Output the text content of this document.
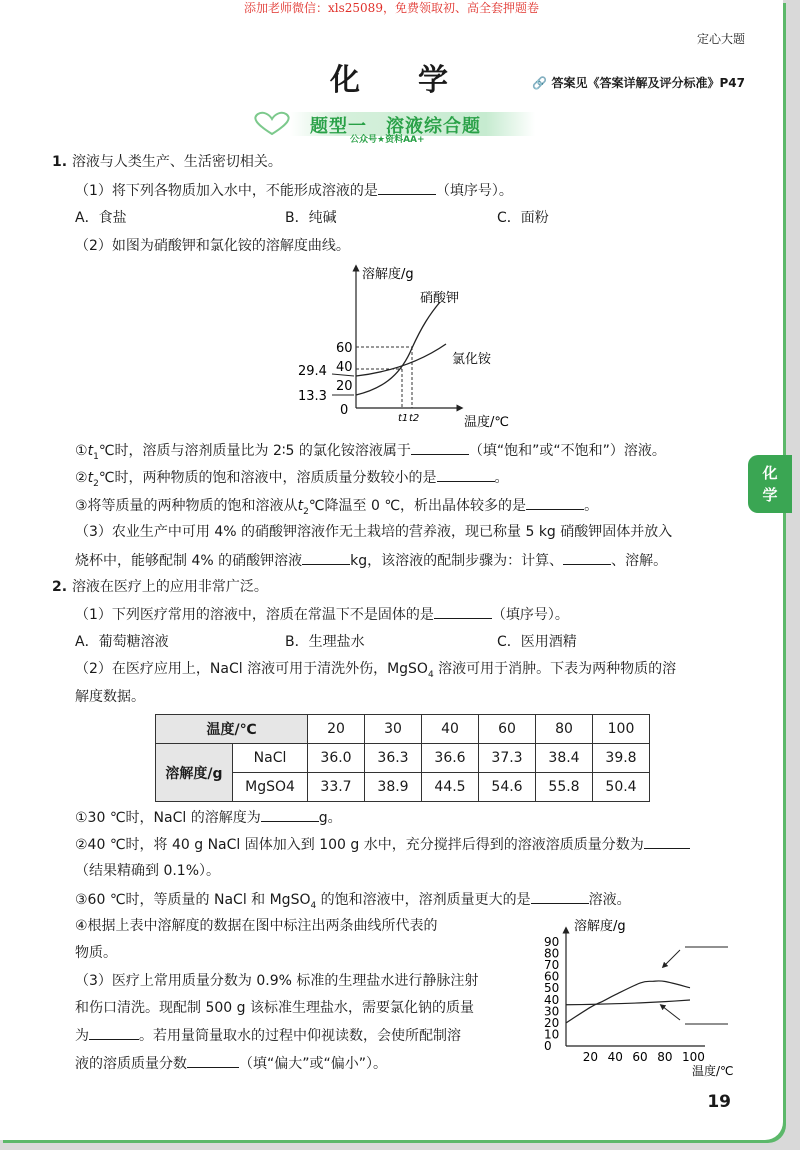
添加老师微信：xls25089，免费领取初、高全套押题卷
定心大题
化学 🔗 答案见《答案详解及评分标准》P47
题型一　溶液综合题
公众号★资料AA+
1. 溶液与人类生产、生活密切相关。
（1）将下列各物质加入水中，不能形成溶液的是	（填序号）。
A．食盐	B．纯碱	C．面粉
（2）如图为硝酸钾和氯化铵的溶解度曲线。
溶解度/g
温度/℃
60
40
29.4
20
13.3
0
t1 t2
硝酸钾
氯化铵
$①t_1℃$时，溶质与溶剂质量比为 2∶5 的氯化铵溶液属于	（填“饱和”或“不饱和”）溶液。
$②t_2℃$时，两种物质的饱和溶液中，溶质质量分数较小的是	。
③将等质量的两种物质的饱和溶液从$t_2℃$降温至 0 ℃，析出晶体较多的是	。
（3）农业生产中可用 4% 的硝酸钾溶液作无土栽培的营养液，现已称量 5 kg 硝酸钾固体并放入
烧杯中，能够配制 4% 的硝酸钾溶液	kg，该溶液的配制步骤为：计算、	、溶解。
2. 溶液在医疗上的应用非常广泛。
（1）下列医疗常用的溶液中，溶质在常温下不是固体的是	（填序号）。
A．葡萄糖溶液	B．生理盐水	C．医用酒精
（2）在医疗应用上，NaCl 溶液可用于清洗外伤，MgSO$_4$ 溶液可用于消肿。下表为两种物质的溶
解度数据。
温度/℃		20	30	40	60	80	100
溶解度/g	NaCl	36.0	36.3	36.6	37.3	38.4	39.8
	MgSO4	33.7	38.9	44.5	54.6	55.8	50.4
①30 ℃时，NaCl 的溶解度为	g。
②40 ℃时，将 40 g NaCl 固体加入到 100 g 水中，充分搅拌后得到的溶液溶质质量分数为
（结果精确到 0.1%）。
③60 ℃时，等质量的 NaCl 和 MgSO$_4$ 的饱和溶液中，溶剂质量更大的是	溶液。
④根据上表中溶解度的数据在图中标注出两条曲线所代表的
物质。
（3）医疗上常用质量分数为 0.9% 标准的生理盐水进行静脉注射
和伤口清洗。现配制 500 g 该标准生理盐水，需要氯化钠的质量
为	。若用量筒量取水的过程中仰视读数，会使所配制溶
液的溶质质量分数	（填“偏大”或“偏小”）。
溶解度/g
温度/℃
90
80
70
60
50
40
30
20
10
0
20 40 60 80 100
化
学
19
